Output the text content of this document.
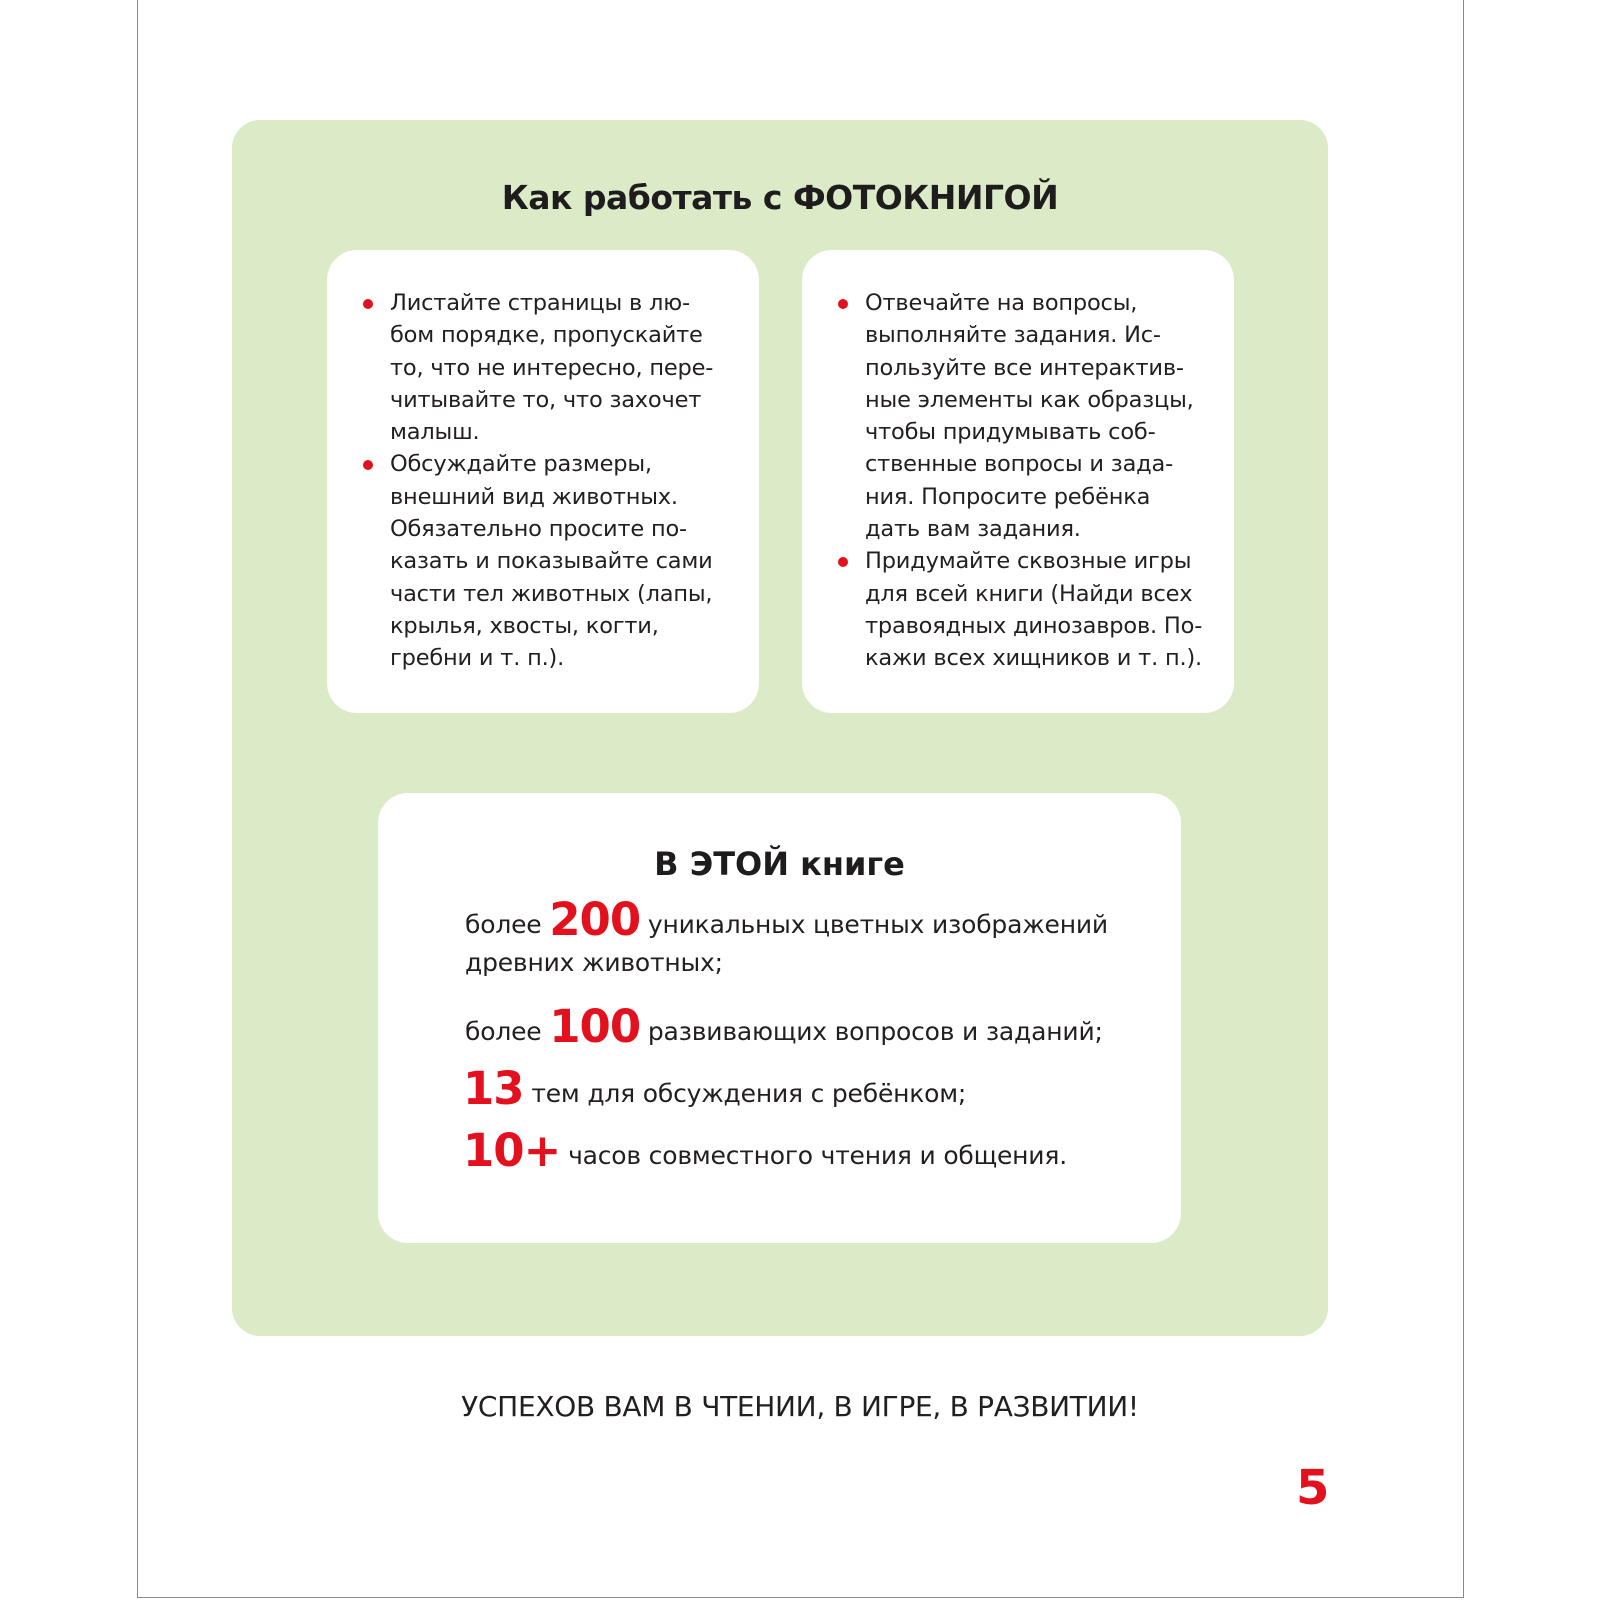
Как работать с ФОТОКНИГОЙ
Листайте страницы в лю-
бом порядке, пропускайте
то, что не интересно, пере-
читывайте то, что захочет
малыш.
Обсуждайте размеры,
внешний вид животных.
Обязательно просите по-
казать и показывайте сами
части тел животных (лапы,
крылья, хвосты, когти,
гребни и т. п.).
Отвечайте на вопросы,
выполняйте задания. Ис-
пользуйте все интерактив-
ные элементы как образцы,
чтобы придумывать соб-
ственные вопросы и зада-
ния. Попросите ребёнка
дать вам задания.
Придумайте сквозные игры
для всей книги (Найди всех
травоядных динозавров. По-
кажи всех хищников и т. п.).
В ЭТОЙ книге
более 200 уникальных цветных изображений
древних животных;
более 100 развивающих вопросов и заданий;
13 тем для обсуждения с ребёнком;
10+ часов совместного чтения и общения.

УСПЕХОВ ВАМ В ЧТЕНИИ, В ИГРЕ, В РАЗВИТИИ!

5
